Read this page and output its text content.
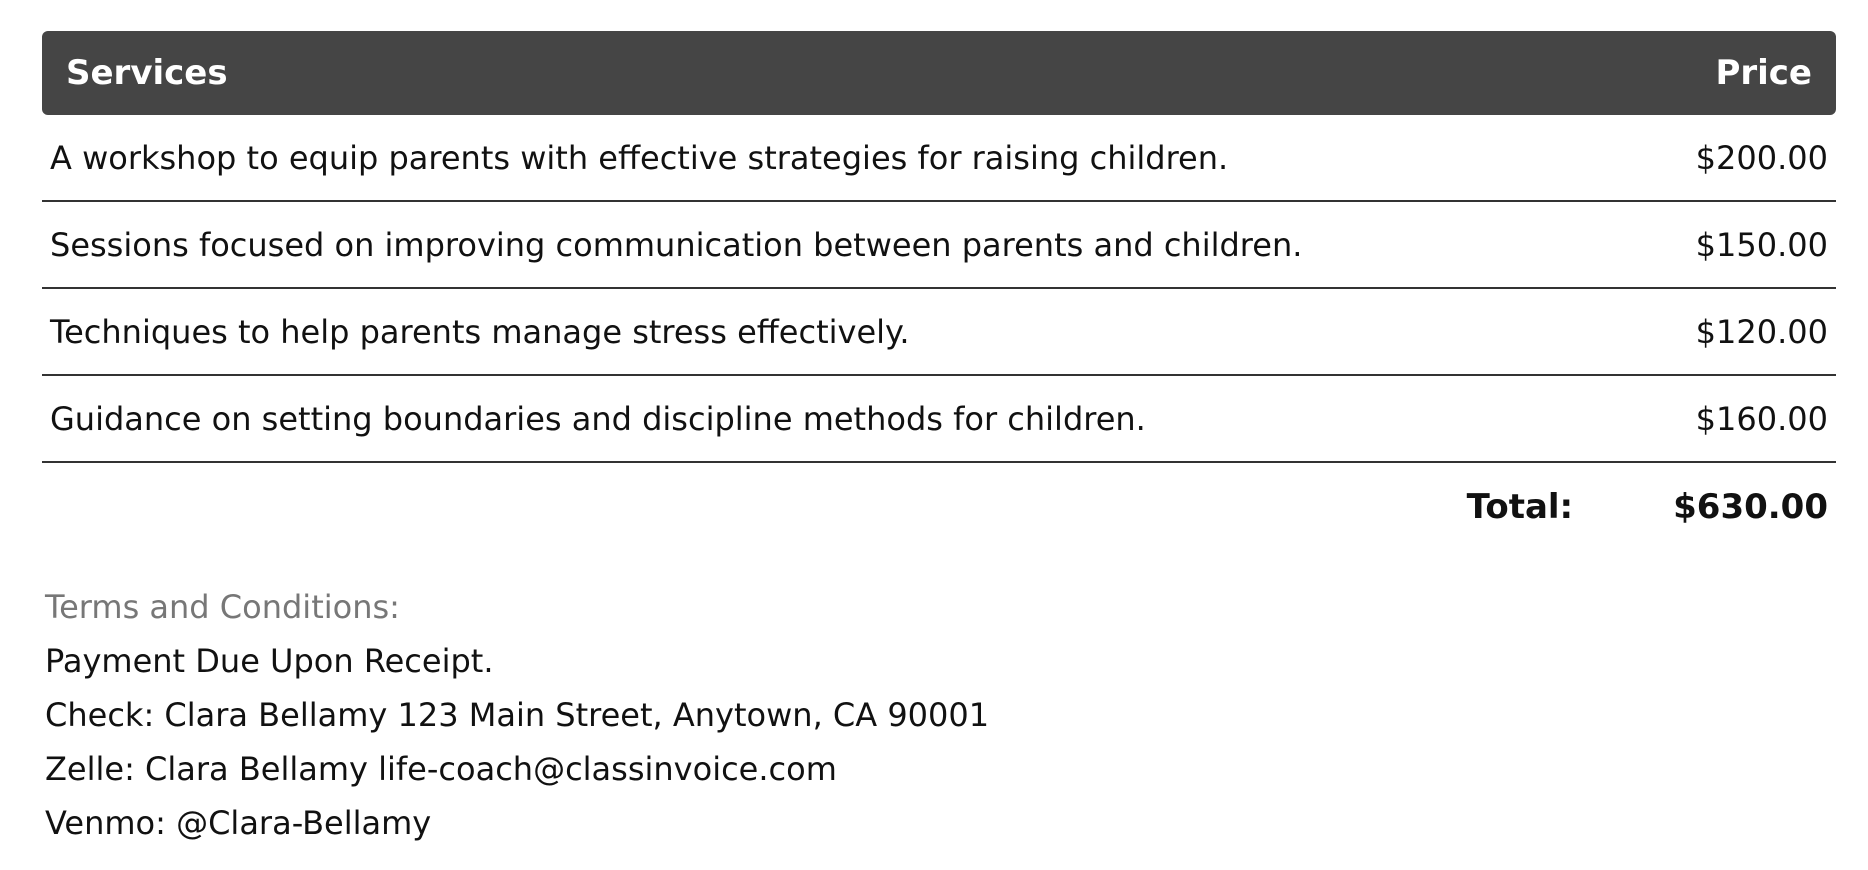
Services	Price
A workshop to equip parents with effective strategies for raising children.	$200.00
Sessions focused on improving communication between parents and children.	$150.00
Techniques to help parents manage stress effectively.	$120.00
Guidance on setting boundaries and discipline methods for children.	$160.00
Total:	$630.00
Terms and Conditions:
Payment Due Upon Receipt.
Check: Clara Bellamy 123 Main Street, Anytown, CA 90001
Zelle: Clara Bellamy life-coach@classinvoice.com
Venmo: @Clara-Bellamy
